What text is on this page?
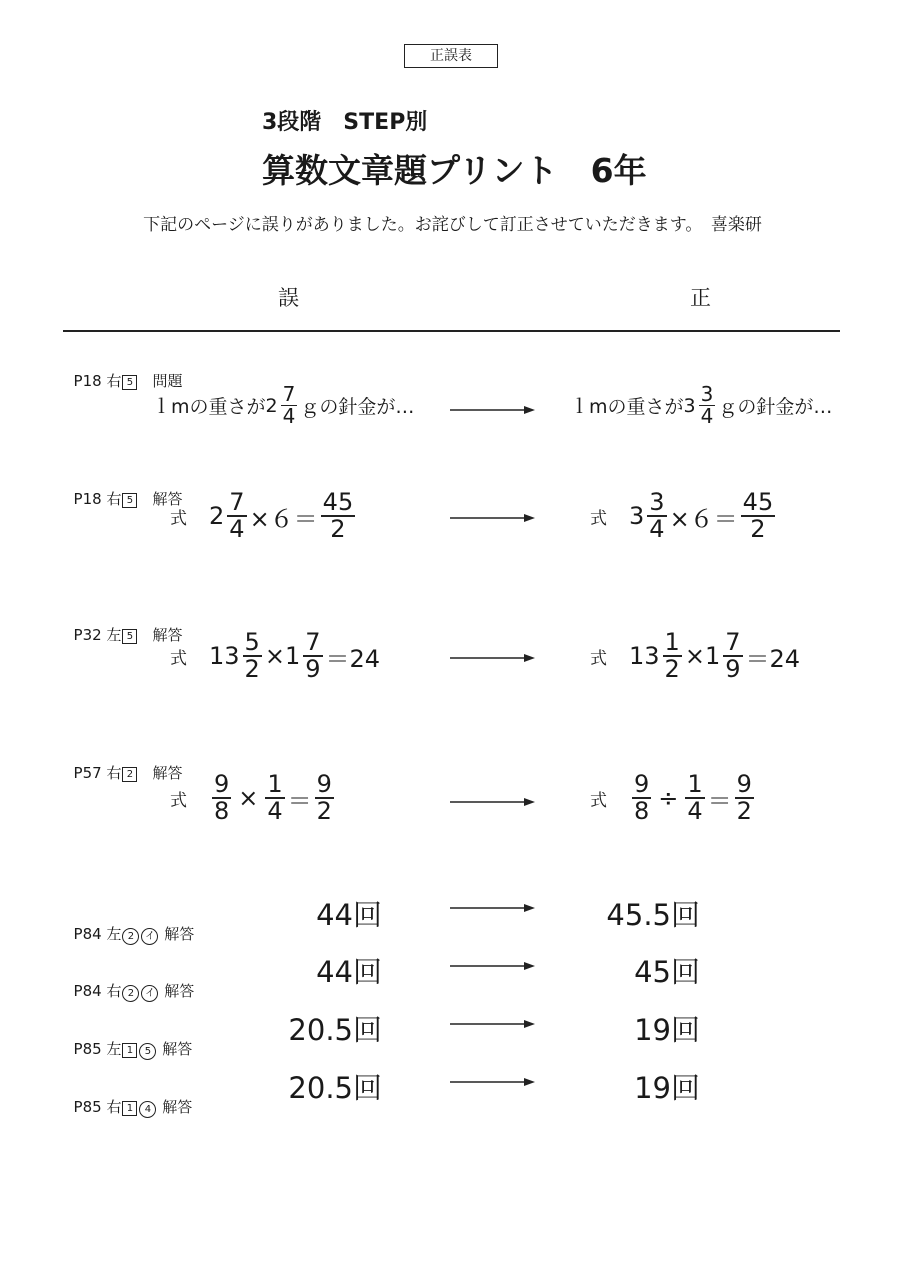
正誤表
3段階　STEP別
算数文章題プリント　6年
下記のページに誤りがありました。お詫びして訂正させていただきます。　喜楽研
誤	正

P18 右 5 問題

ｌmの重さが $2 \frac{7}{4}$ ｇの針金が…	ｌmの重さが $3 \frac{3}{4}$ ｇの針金が…

P18 右 5 解答

式 $2 \frac{7}{4} \times 6= \frac{45}{2}$	式 $3 \frac{3}{4} \times 6= \frac{45}{2}$

P32 左 5 解答

式 $13 \frac{5}{2} \times 1 \frac{7}{9} =24$	式 $13 \frac{1}{2} \times 1 \frac{7}{9} =24$

P57 右 2 解答

式 $\frac{9}{8} \times \frac{1}{4} = \frac{9}{2}$	式 $\frac{9}{8} \div \frac{1}{4} = \frac{9}{2}$

P84 左 2 イ 解答

44回	45.5回

P84 右 2 イ 解答

44回	45回

P85 左 1 5 解答

20.5回	19回

P85 右 1 4 解答

20.5回	19回
